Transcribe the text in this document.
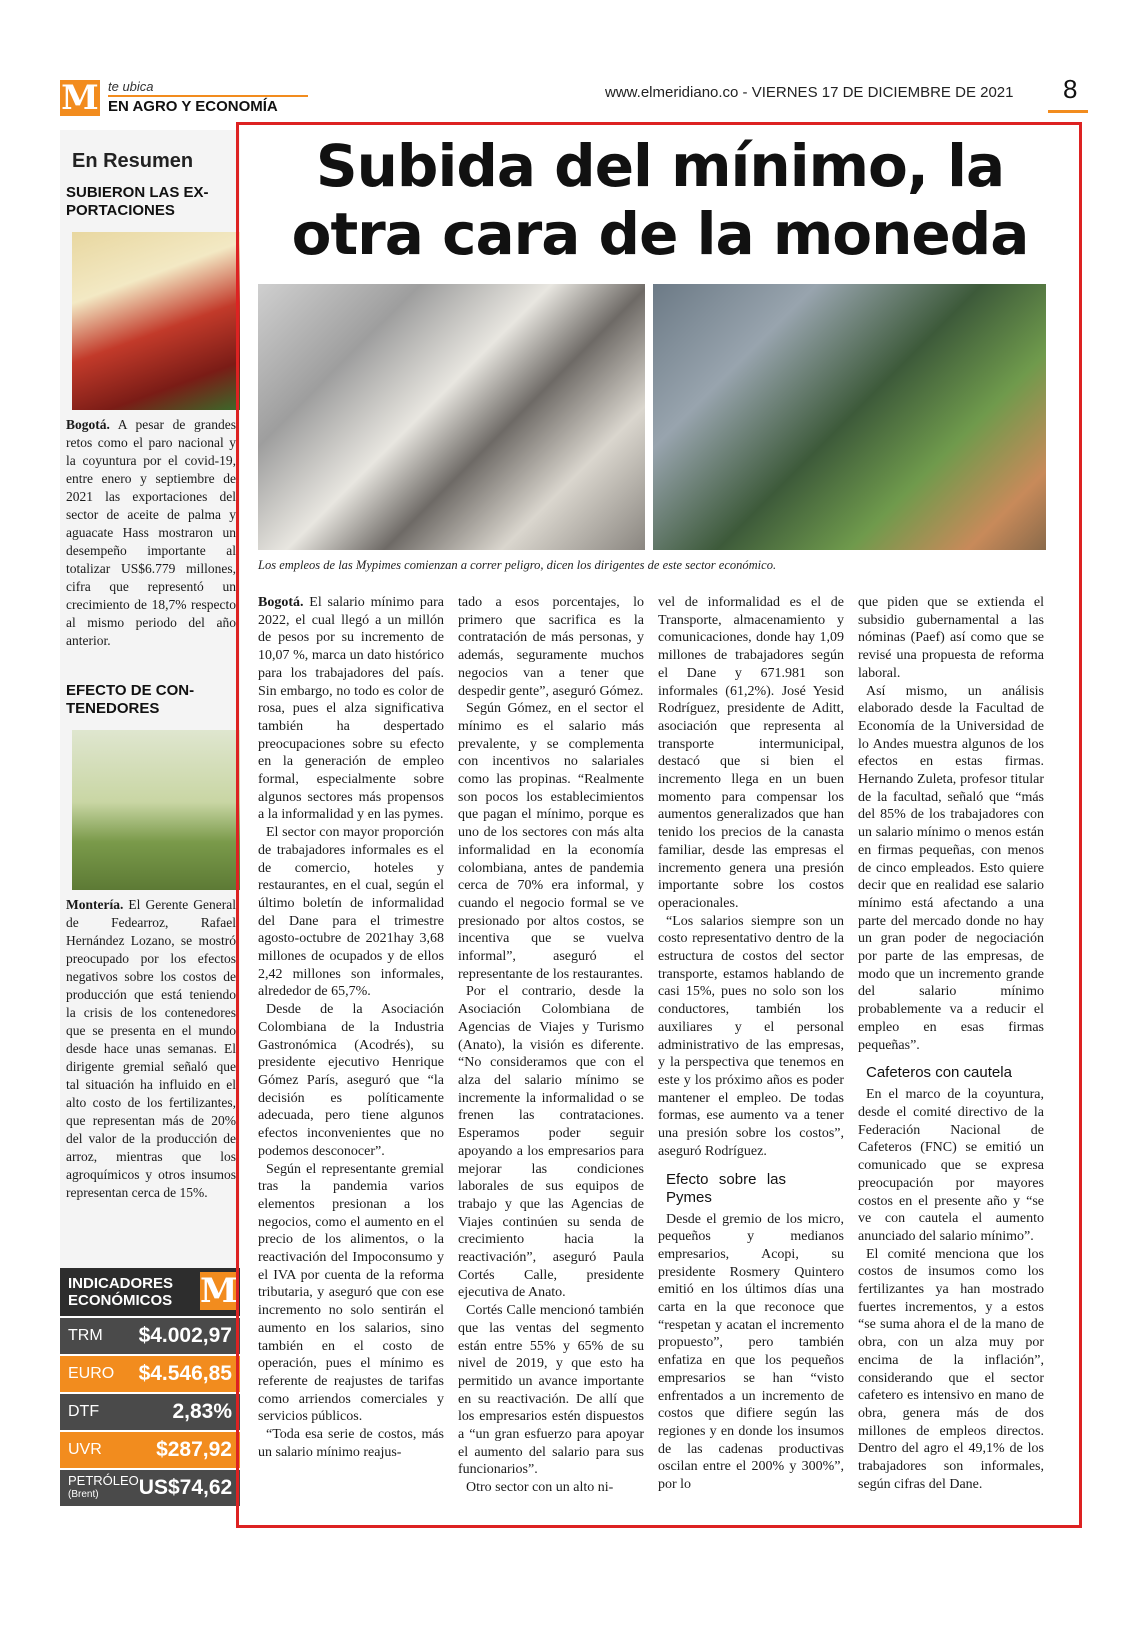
M te ubica
EN AGRO Y ECONOMÍA
www.elmeridiano.co - VIERNES 17 DE DICIEMBRE DE 2021 8
En Resumen
SUBIERON LAS EX-PORTACIONES
Bogotá. A pesar de grandes retos como el paro nacional y la coyuntura por el covid-19, entre enero y septiembre de 2021 las exportaciones del sector de aceite de palma y aguacate Hass mostraron un desempeño importante al totalizar US$6.779 millones, cifra que representó un crecimiento de 18,7% respecto al mismo periodo del año anterior.
EFECTO DE CON-TENEDORES
Montería. El Gerente General de Fedearroz, Rafael Hernández Lozano, se mostró preocupado por los efectos negativos sobre los costos de producción que está teniendo la crisis de los contenedores que se presenta en el mundo desde hace unas semanas. El dirigente gremial señaló que tal situación ha influido en el alto costo de los fertilizantes, que representan más de 20% del valor de la producción de arroz, mientras que los agroquímicos y otros insumos representan cerca de 15%.
INDICADORES
ECONÓMICOS M
TRM $4.002,97
EURO $4.546,85
DTF	2,83%
UVR	$287,92
PETRÓLEO
(Brent)	US$74,62
Subida del mínimo, la otra cara de la moneda
Los empleos de las Mypimes comienzan a correr peligro, dicen los dirigentes de este sector económico.

Bogotá. El salario mínimo para 2022, el cual llegó a un millón de pesos por su incremento de 10,07 %, marca un dato histórico para los trabajadores del país. Sin embargo, no todo es color de rosa, pues el alza significativa también ha despertado preocupaciones sobre su efecto en la generación de empleo formal, especialmente sobre algunos sectores más propensos a la informalidad y en las pymes.

El sector con mayor proporción de trabajadores informales es el de comercio, hoteles y restaurantes, en el cual, según el último boletín de informalidad del Dane para el trimestre agosto-octubre de 2021hay 3,68 millones de ocupados y de ellos 2,42 millones son informales, alrededor de 65,7%.

Desde de la Asociación Colombiana de la Industria Gastronómica (Acodrés), su presidente ejecutivo Henrique Gómez París, aseguró que “la decisión es políticamente adecuada, pero tiene algunos efectos inconvenientes que no podemos desconocer”.

Según el representante gremial tras la pandemia varios elementos presionan a los negocios, como el aumento en el precio de los alimentos, o la reactivación del Impoconsumo y el IVA por cuenta de la reforma tributaria, y aseguró que con ese incremento no solo sentirán el aumento en los salarios, sino también en el costo de operación, pues el mínimo es referente de reajustes de tarifas como arriendos comerciales y servicios públicos.

“Toda esa serie de costos, más un salario mínimo reajus-

tado a esos porcentajes, lo primero que sacrifica es la contratación de más personas, y además, seguramente muchos negocios van a tener que despedir gente”, aseguró Gómez.

Según Gómez, en el sector el mínimo es el salario más prevalente, y se complementa con incentivos no salariales como las propinas. “Realmente son pocos los establecimientos que pagan el mínimo, porque es uno de los sectores con más alta informalidad en la economía colombiana, antes de pandemia cerca de 70% era informal, y cuando el negocio formal se ve presionado por altos costos, se incentiva que se vuelva informal”, aseguró el representante de los restaurantes.

Por el contrario, desde la Asociación Colombiana de Agencias de Viajes y Turismo (Anato), la visión es diferente. “No consideramos que con el alza del salario mínimo se incremente la informalidad o se frenen las contrataciones. Esperamos poder seguir apoyando a los empresarios para mejorar las condiciones laborales de sus equipos de trabajo y que las Agencias de Viajes continúen su senda de crecimiento hacia la reactivación”, aseguró Paula Cortés Calle, presidente ejecutiva de Anato.

Cortés Calle mencionó también que las ventas del segmento están entre 55% y 65% de su nivel de 2019, y que esto ha permitido un avance importante en su reactivación. De allí que los empresarios estén dispuestos a “un gran esfuerzo para apoyar el aumento del salario para sus funcionarios”.

Otro sector con un alto ni-

vel de informalidad es el de Transporte, almacenamiento y comunicaciones, donde hay 1,09 millones de trabajadores según el Dane y 671.981 son informales (61,2%). José Yesid Rodríguez, presidente de Aditt, asociación que representa al transporte intermunicipal, destacó que si bien el incremento llega en un buen momento para compensar los aumentos generalizados que han tenido los precios de la canasta familiar, desde las empresas el incremento genera una presión importante sobre los costos operacionales.

“Los salarios siempre son un costo representativo dentro de la estructura de costos del sector transporte, estamos hablando de casi 15%, pues no solo son los conductores, también los auxiliares y el personal administrativo de las empresas, y la perspectiva que tenemos en este y los próximo años es poder mantener el empleo. De todas formas, ese aumento va a tener una presión sobre los costos”, aseguró Rodríguez.

Efecto sobre las Pymes

Desde el gremio de los micro, pequeños y medianos empresarios, Acopi, su presidente Rosmery Quintero emitió en los últimos días una carta en la que reconoce que “respetan y acatan el incremento propuesto”, pero también enfatiza en que los pequeños empresarios se han “visto enfrentados a un incremento de costos que difiere según las regiones y en donde los insumos de las cadenas productivas oscilan entre el 200% y 300%”, por lo

que piden que se extienda el subsidio gubernamental a las nóminas (Paef) así como que se revisé una propuesta de reforma laboral.

Así mismo, un análisis elaborado desde la Facultad de Economía de la Universidad de lo Andes muestra algunos de los efectos en estas firmas. Hernando Zuleta, profesor titular de la facultad, señaló que “más del 85% de los trabajadores con un salario mínimo o menos están en firmas pequeñas, con menos de cinco empleados. Esto quiere decir que en realidad ese salario mínimo está afectando a una parte del mercado donde no hay un gran poder de negociación por parte de las empresas, de modo que un incremento grande del salario mínimo probablemente va a reducir el empleo en esas firmas pequeñas”.

Cafeteros con cautela

En el marco de la coyuntura, desde el comité directivo de la Federación Nacional de Cafeteros (FNC) se emitió un comunicado que se expresa preocupación por mayores costos en el presente año y “se ve con cautela el aumento anunciado del salario mínimo”.

El comité menciona que los costos de insumos como los fertilizantes ya han mostrado fuertes incrementos, y a estos “se suma ahora el de la mano de obra, con un alza muy por encima de la inflación”, considerando que el sector cafetero es intensivo en mano de obra, genera más de dos millones de empleos directos. Dentro del agro el 49,1% de los trabajadores son informales, según cifras del Dane.
